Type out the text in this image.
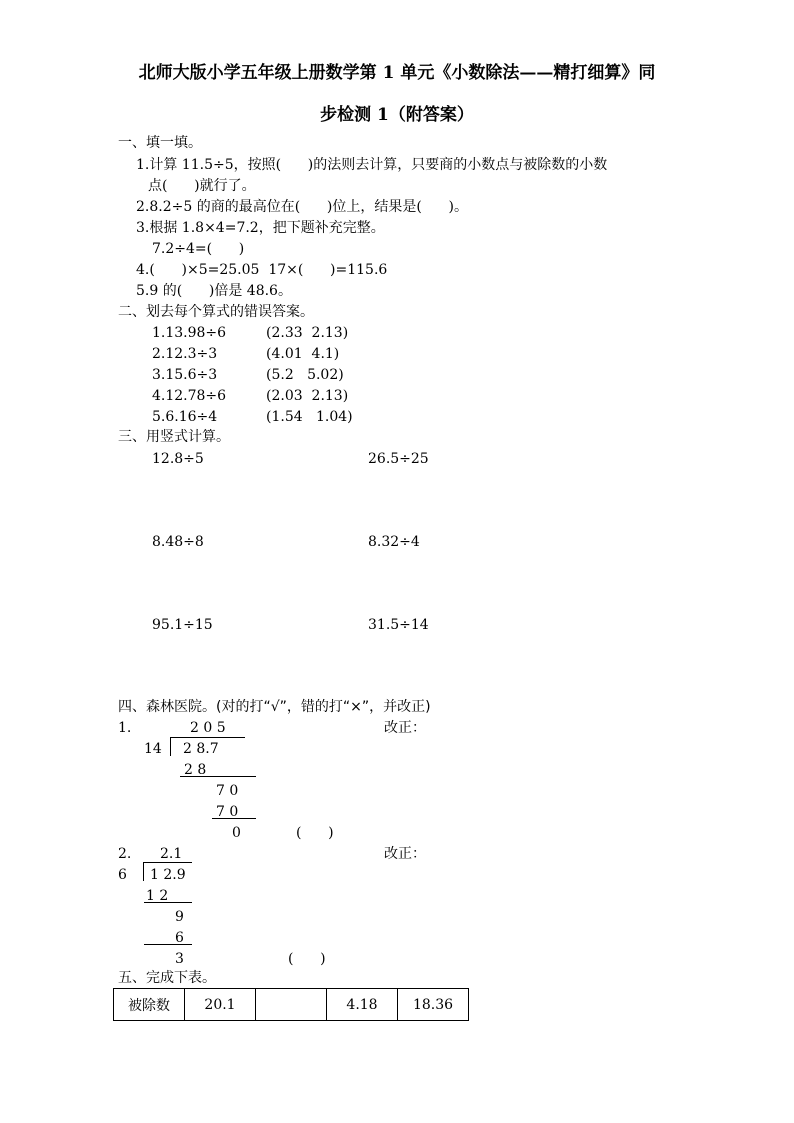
北师大版小学五年级上册数学第 1 单元《小数除法——精打细算》同
步检测 1（附答案）
一、填一填。
1.计算 11.5÷5，按照(      )的法则去计算，只要商的小数点与被除数的小数
点(      )就行了。
2.8.2÷5 的商的最高位在(      )位上，结果是(      )。
3.根据 1.8×4=7.2，把下题补充完整。
7.2÷4=(      )
4.(      )×5=25.05  17×(      )=115.6
5.9 的(      )倍是 48.6。
二、划去每个算式的错误答案。
1.13.98÷6	(2.33  2.13)
2.12.3÷3	(4.01  4.1)
3.15.6÷3	(5.2   5.02)
4.12.78÷6	(2.03  2.13)
5.6.16÷4	(1.54   1.04)
三、用竖式计算。
12.8÷5	26.5÷25
8.48÷8	8.32÷4
95.1÷15	31.5÷14
四、森林医院。(对的打“√”，错的打“×”，并改正)
1.	2 0 5	改正：
14 2 8.7
2 8
7 0
7 0
0	(      )
2. 2.1	改正：
6 1 2.9
1 2
9
6
3	(      )
五、完成下表。
被除数	20.1		4.18	18.36
